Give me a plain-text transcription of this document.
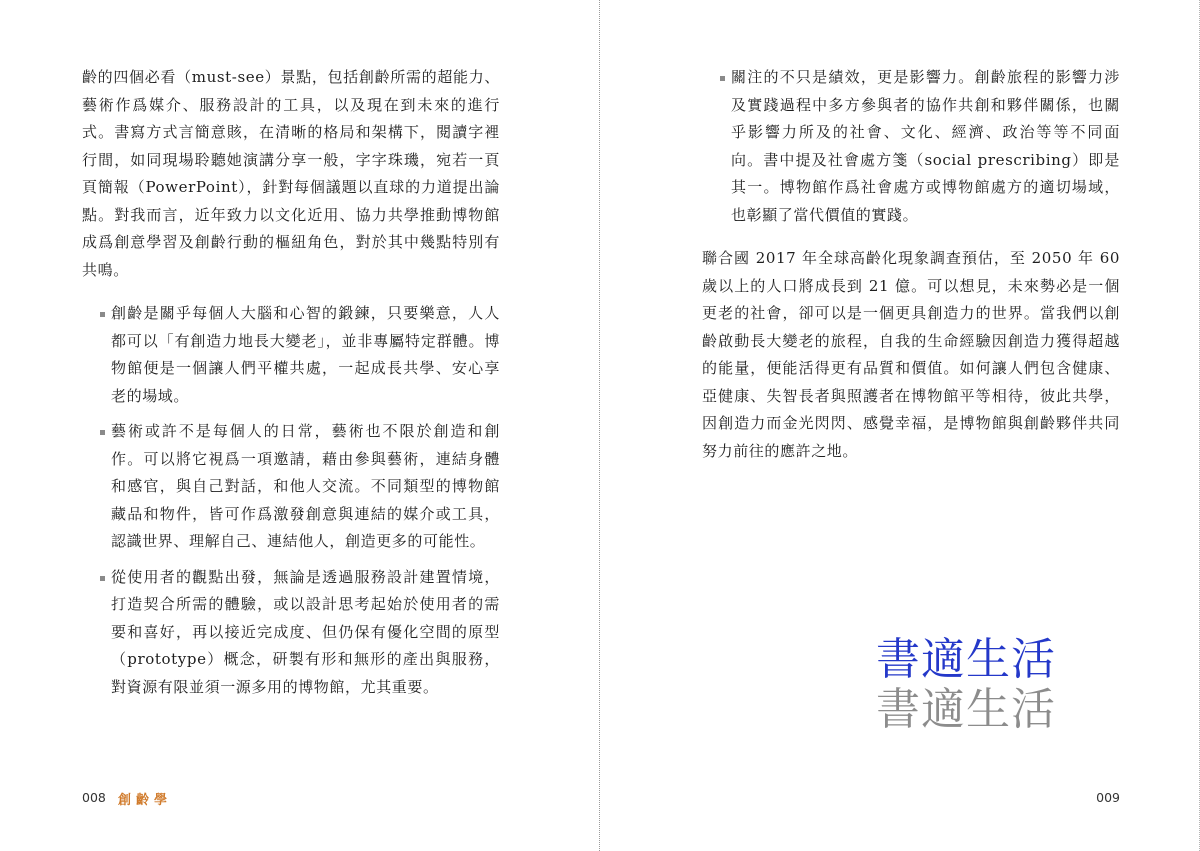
齡的四個必看（must-see）景點，包括創齡所需的超能力、藝術作爲媒介、服務設計的工具，以及現在到未來的進行式。書寫方式言簡意賅，在清晰的格局和架構下，閱讀字裡行間，如同現場聆聽她演講分享一般，字字珠璣，宛若一頁頁簡報（PowerPoint），針對每個議題以直球的力道提出論點。對我而言，近年致力以文化近用、協力共學推動博物館成爲創意學習及創齡行動的樞紐角色，對於其中幾點特別有共鳴。

創齡是關乎每個人大腦和心智的鍛鍊，只要樂意，人人都可以「有創造力地長大變老」，並非專屬特定群體。博物館便是一個讓人們平權共處，一起成長共學、安心享老的場域。
藝術或許不是每個人的日常，藝術也不限於創造和創作。可以將它視爲一項邀請，藉由參與藝術，連結身體和感官，與自己對話，和他人交流。不同類型的博物館藏品和物件，皆可作爲激發創意與連結的媒介或工具，認識世界、理解自己、連結他人，創造更多的可能性。
從使用者的觀點出發，無論是透過服務設計建置情境，打造契合所需的體驗，或以設計思考起始於使用者的需要和喜好，再以接近完成度、但仍保有優化空間的原型（prototype）概念，研製有形和無形的產出與服務，對資源有限並須一源多用的博物館，尤其重要。
008 創齡學	009
關注的不只是績效，更是影響力。創齡旅程的影響力涉及實踐過程中多方參與者的協作共創和夥伴關係，也關乎影響力所及的社會、文化、經濟、政治等等不同面向。書中提及社會處方箋（social prescribing）即是其一。博物館作爲社會處方或博物館處方的適切場域，也彰顯了當代價值的實踐。

聯合國 2017 年全球高齡化現象調查預估，至 2050 年 60 歲以上的人口將成長到 21 億。可以想見，未來勢必是一個更老的社會，卻可以是一個更具創造力的世界。當我們以創齡啟動長大變老的旅程，自我的生命經驗因創造力獲得超越的能量，便能活得更有品質和價值。如何讓人們包含健康、亞健康、失智長者與照護者在博物館平等相待，彼此共學，因創造力而金光閃閃、感覺幸福，是博物館與創齡夥伴共同努力前往的應許之地。

書適生活
書適生活
